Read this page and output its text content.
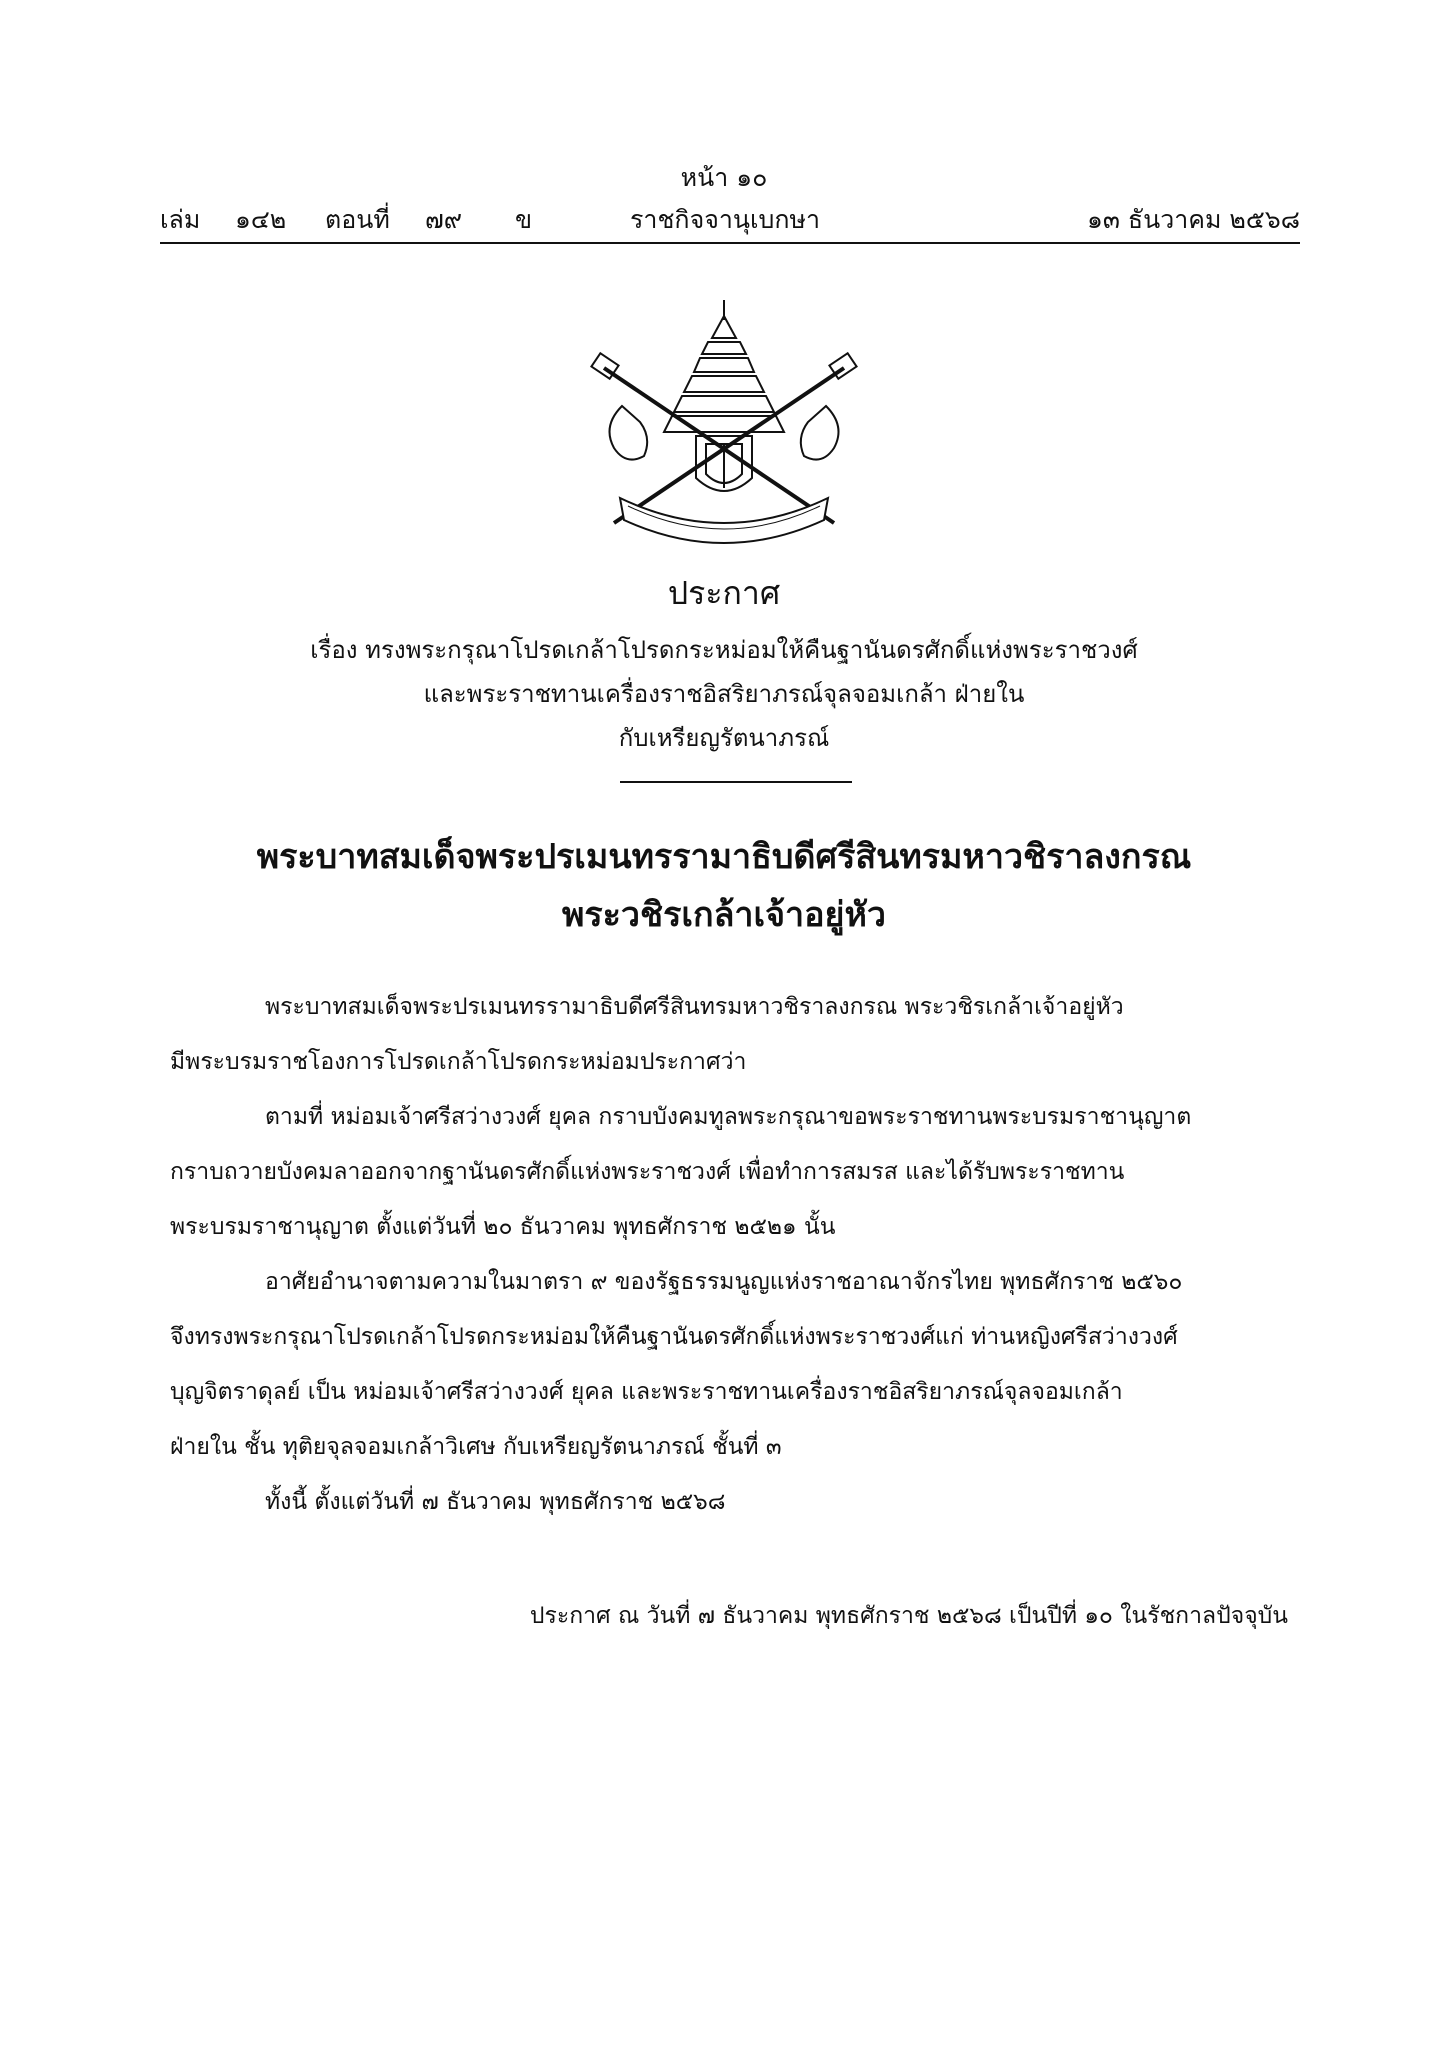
หน้า ๑๐
เล่ม ๑๔๒ ตอนที่ ๗๙ ข	ราชกิจจานุเบกษา	๑๓ ธันวาคม ๒๕๖๘
ประกาศ
เรื่อง ทรงพระกรุณาโปรดเกล้าโปรดกระหม่อมให้คืนฐานันดรศักดิ์แห่งพระราชวงศ์
และพระราชทานเครื่องราชอิสริยาภรณ์จุลจอมเกล้า ฝ่ายใน
กับเหรียญรัตนาภรณ์
พระบาทสมเด็จพระปรเมนทรรามาธิบดีศรีสินทรมหาวชิราลงกรณ
พระวชิรเกล้าเจ้าอยู่หัว
พระบาทสมเด็จพระปรเมนทรรามาธิบดีศรีสินทรมหาวชิราลงกรณ พระวชิรเกล้าเจ้าอยู่หัว
มีพระบรมราชโองการโปรดเกล้าโปรดกระหม่อมประกาศว่า
ตามที่ หม่อมเจ้าศรีสว่างวงศ์ ยุคล กราบบังคมทูลพระกรุณาขอพระราชทานพระบรมราชานุญาต
กราบถวายบังคมลาออกจากฐานันดรศักดิ์แห่งพระราชวงศ์ เพื่อทำการสมรส และได้รับพระราชทาน
พระบรมราชานุญาต ตั้งแต่วันที่ ๒๐ ธันวาคม พุทธศักราช ๒๕๒๑ นั้น
อาศัยอำนาจตามความในมาตรา ๙ ของรัฐธรรมนูญแห่งราชอาณาจักรไทย พุทธศักราช ๒๕๖๐
จึงทรงพระกรุณาโปรดเกล้าโปรดกระหม่อมให้คืนฐานันดรศักดิ์แห่งพระราชวงศ์แก่ ท่านหญิงศรีสว่างวงศ์
บุญจิตราดุลย์ เป็น หม่อมเจ้าศรีสว่างวงศ์ ยุคล และพระราชทานเครื่องราชอิสริยาภรณ์จุลจอมเกล้า
ฝ่ายใน ชั้น ทุติยจุลจอมเกล้าวิเศษ กับเหรียญรัตนาภรณ์ ชั้นที่ ๓
ทั้งนี้ ตั้งแต่วันที่ ๗ ธันวาคม พุทธศักราช ๒๕๖๘
ประกาศ ณ วันที่ ๗ ธันวาคม พุทธศักราช ๒๕๖๘ เป็นปีที่ ๑๐ ในรัชกาลปัจจุบัน
